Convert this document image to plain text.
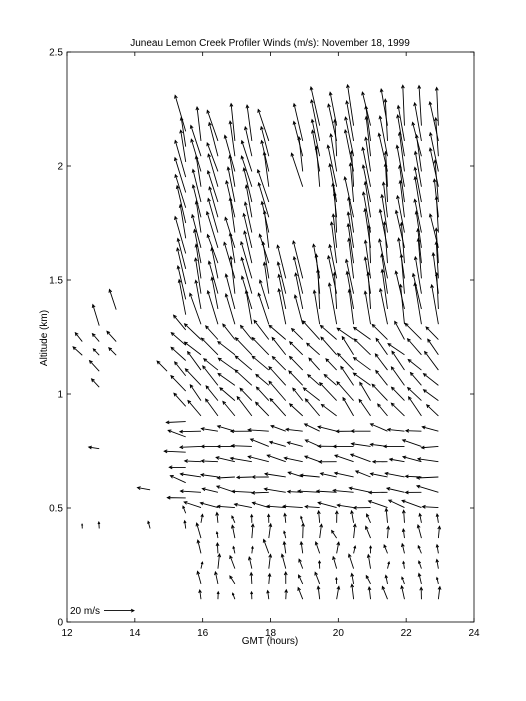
Juneau Lemon Creek Profiler Winds (m/s): November 18, 1999
12	14	16	18	20	22	24
0
0.5
1
1.5
2
2.5
GMT (hours)
Altitude (km)
20 m/s
